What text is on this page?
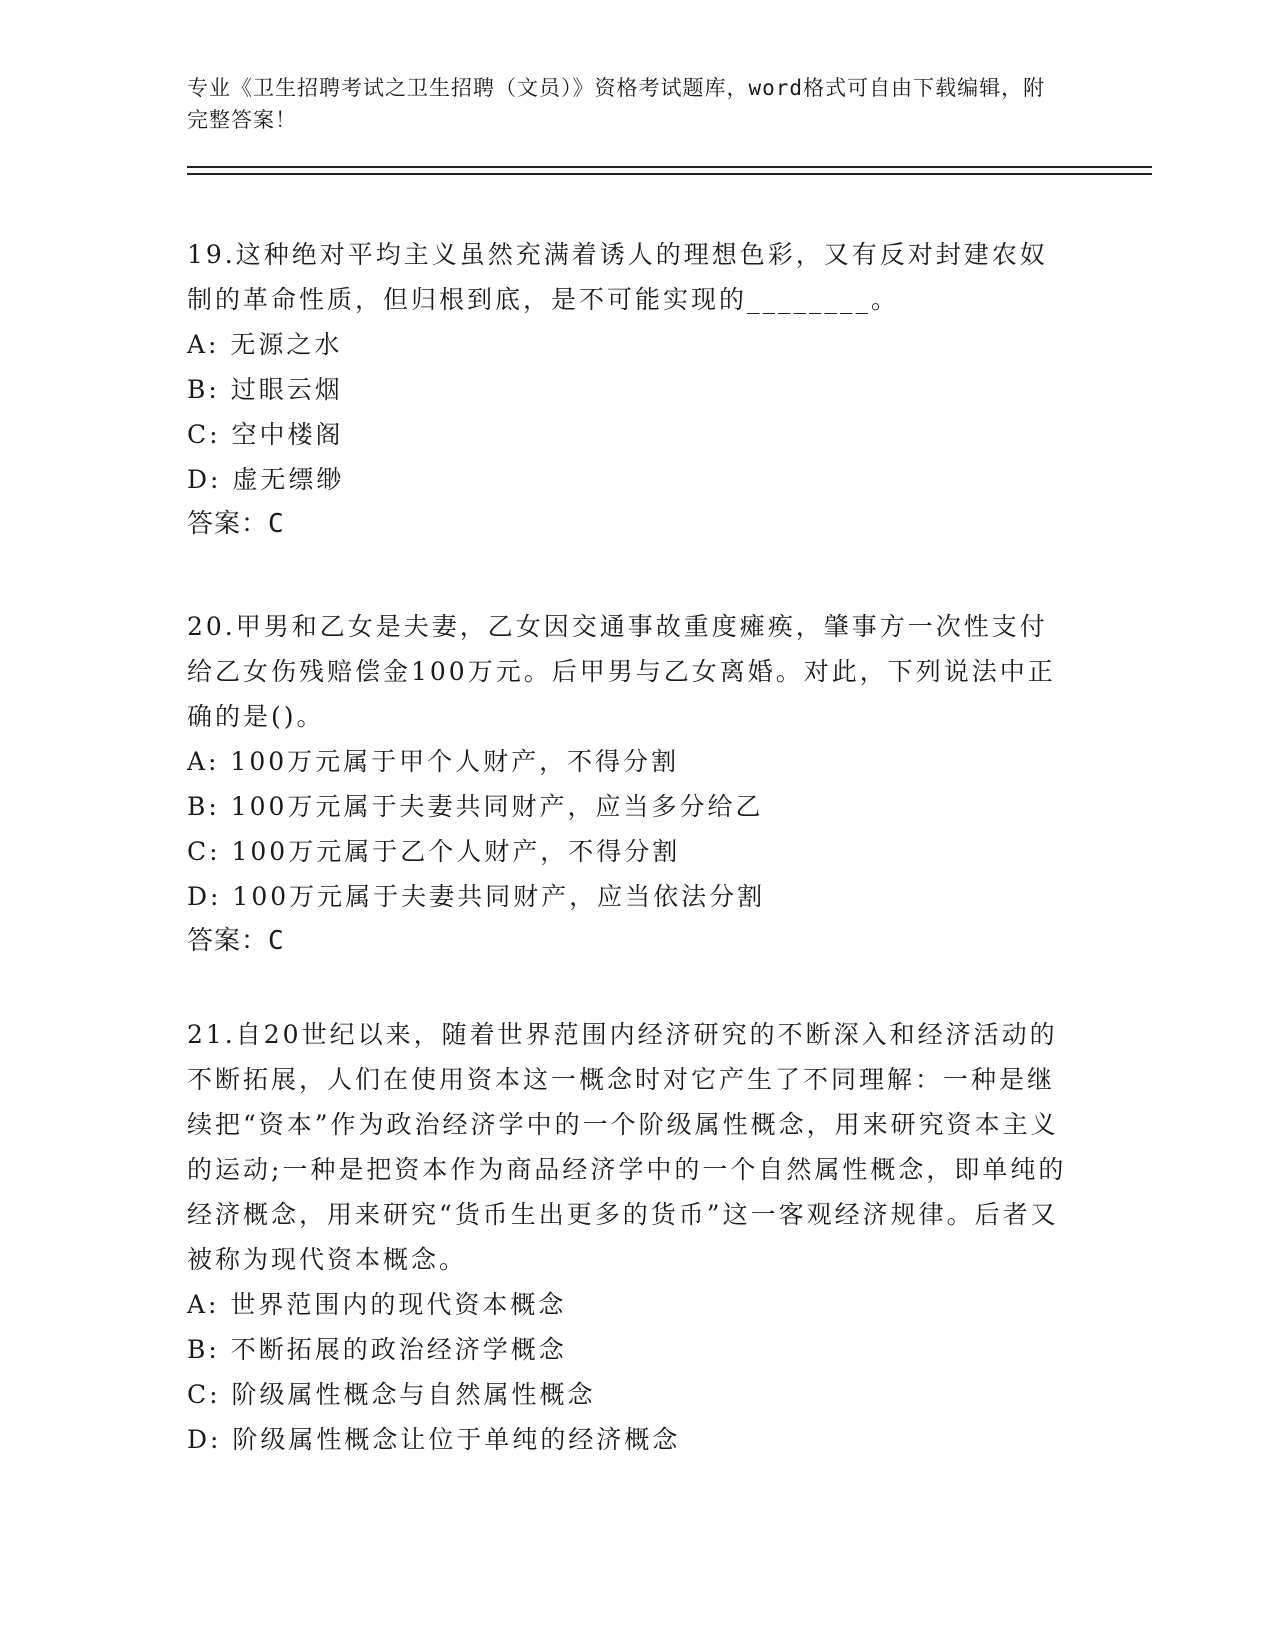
专业《卫生招聘考试之卫生招聘（文员）》资格考试题库，word格式可自由下载编辑，附完整答案！
19.这种绝对平均主义虽然充满着诱人的理想色彩，又有反对封建农奴制的革命性质，但归根到底，是不可能实现的________。
A: 无源之水
B: 过眼云烟
C: 空中楼阁
D: 虚无缥缈
答案：C
20.甲男和乙女是夫妻，乙女因交通事故重度瘫痪，肇事方一次性支付给乙女伤残赔偿金100万元。后甲男与乙女离婚。对此，下列说法中正确的是()。
A: 100万元属于甲个人财产，不得分割
B: 100万元属于夫妻共同财产，应当多分给乙
C: 100万元属于乙个人财产，不得分割
D: 100万元属于夫妻共同财产，应当依法分割
答案：C
21.自20世纪以来，随着世界范围内经济研究的不断深入和经济活动的不断拓展，人们在使用资本这一概念时对它产生了不同理解：一种是继续把“资本”作为政治经济学中的一个阶级属性概念，用来研究资本主义的运动;一种是把资本作为商品经济学中的一个自然属性概念，即单纯的经济概念，用来研究“货币生出更多的货币”这一客观经济规律。后者又被称为现代资本概念。
A: 世界范围内的现代资本概念
B: 不断拓展的政治经济学概念
C: 阶级属性概念与自然属性概念
D: 阶级属性概念让位于单纯的经济概念
